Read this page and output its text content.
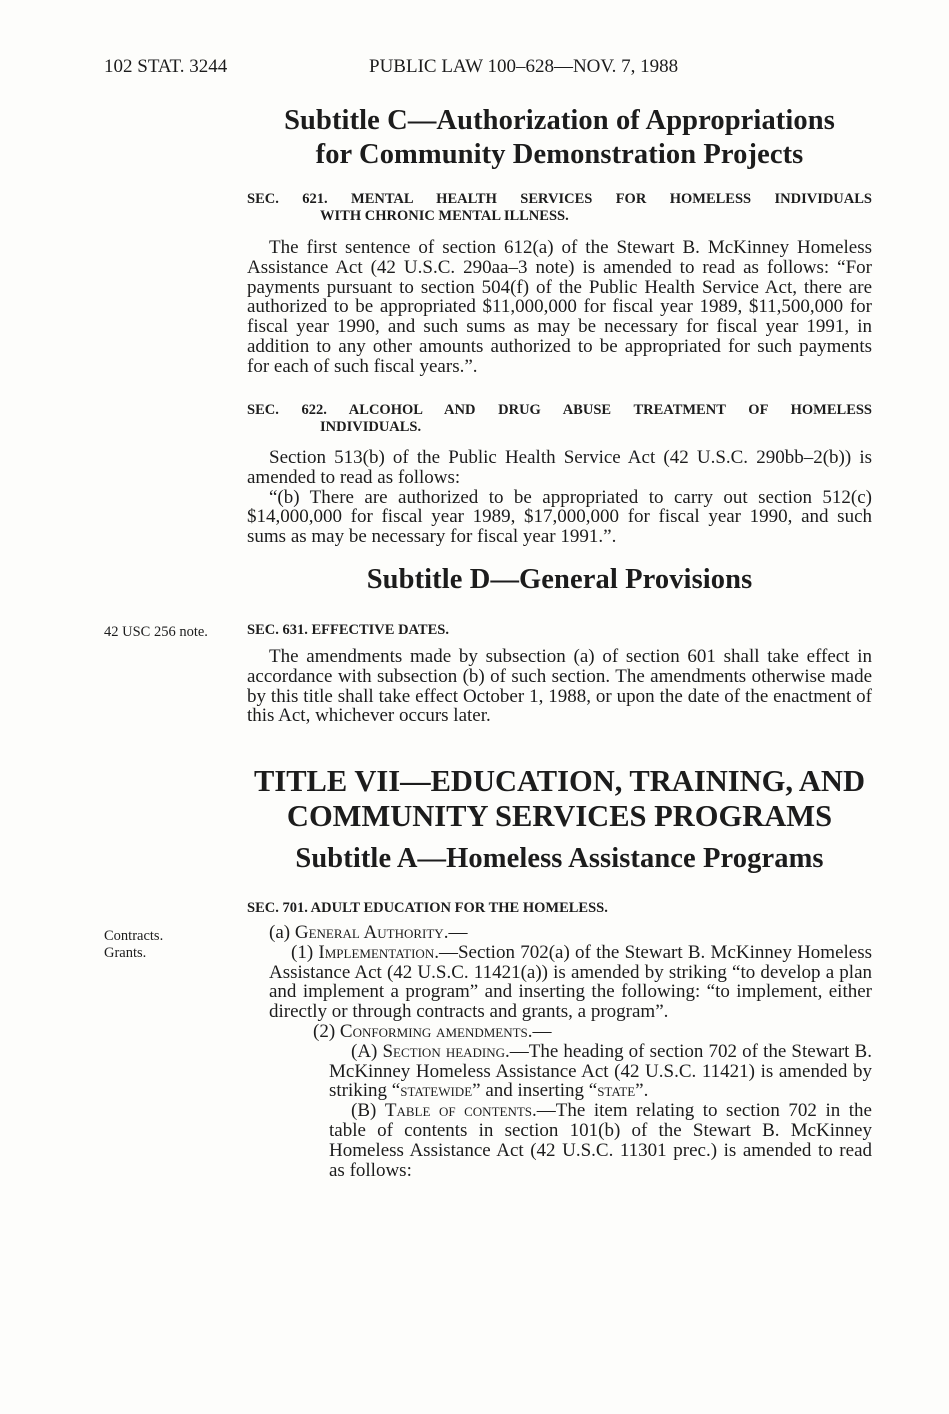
102 STAT. 3244	PUBLIC LAW 100–628—NOV. 7, 1988
Subtitle C—Authorization of Appropriations
for Community Demonstration Projects
SEC. 621. MENTAL HEALTH SERVICES FOR HOMELESS INDIVIDUALS
WITH CHRONIC MENTAL ILLNESS.

The first sentence of section 612(a) of the Stewart B. McKinney Homeless Assistance Act (42 U.S.C. 290aa–3 note) is amended to read as follows: “For payments pursuant to section 504(f) of the Public Health Service Act, there are authorized to be appropriated $11,000,000 for fiscal year 1989, $11,500,000 for fiscal year 1990, and such sums as may be necessary for fiscal year 1991, in addition to any other amounts authorized to be appropriated for such payments for each of such fiscal years.”.

SEC. 622. ALCOHOL AND DRUG ABUSE TREATMENT OF HOMELESS
INDIVIDUALS.

Section 513(b) of the Public Health Service Act (42 U.S.C. 290bb–2(b)) is amended to read as follows:

“(b) There are authorized to be appropriated to carry out section 512(c) $14,000,000 for fiscal year 1989, $17,000,000 for fiscal year 1990, and such sums as may be necessary for fiscal year 1991.”.

Subtitle D—General Provisions
42 USC 256 note.	SEC. 631. EFFECTIVE DATES.

The amendments made by subsection (a) of section 601 shall take effect in accordance with subsection (b) of such section. The amendments otherwise made by this title shall take effect October 1, 1988, or upon the date of the enactment of this Act, whichever occurs later.

TITLE VII—EDUCATION, TRAINING, AND
COMMUNITY SERVICES PROGRAMS
Subtitle A—Homeless Assistance Programs
Contracts.
Grants.
SEC. 701. ADULT EDUCATION FOR THE HOMELESS.

(a) General Authority.—

(1) Implementation.—Section 702(a) of the Stewart B. McKinney Homeless Assistance Act (42 U.S.C. 11421(a)) is amended by striking “to develop a plan and implement a program” and inserting the following: “to implement, either directly or through contracts and grants, a program”.

(2) Conforming amendments.—

(A) Section heading.—The heading of section 702 of the Stewart B. McKinney Homeless Assistance Act (42 U.S.C. 11421) is amended by striking “statewide” and inserting “state”.

(B) Table of contents.—The item relating to section 702 in the table of contents in section 101(b) of the Stewart B. McKinney Homeless Assistance Act (42 U.S.C. 11301 prec.) is amended to read as follows:
